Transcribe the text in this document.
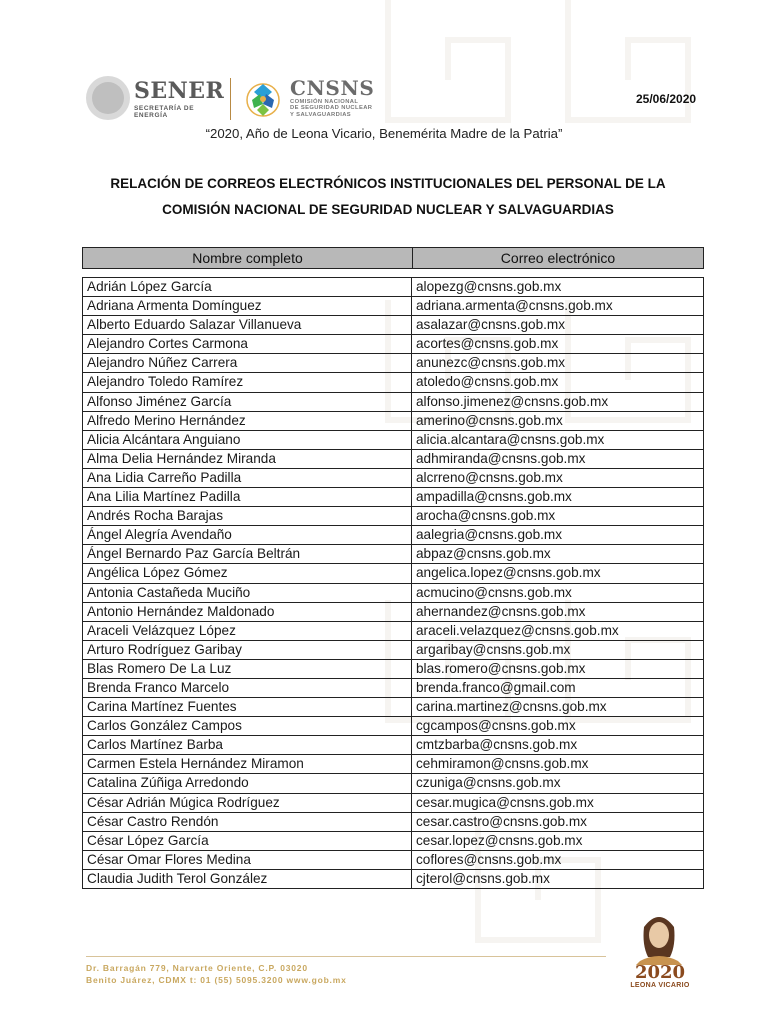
SENER
SECRETARÍA DE ENERGÍA
CNSNS
COMISIÓN NACIONAL
DE SEGURIDAD NUCLEAR
Y SALVAGUARDIAS
25/06/2020
“2020, Año de Leona Vicario, Benemérita Madre de la Patria”
RELACIÓN DE CORREOS ELECTRÓNICOS INSTITUCIONALES DEL PERSONAL DE LA
COMISIÓN NACIONAL DE SEGURIDAD NUCLEAR Y SALVAGUARDIAS
Nombre completo	Correo electrónico
Adrián López García	alopezg@cnsns.gob.mx
Adriana Armenta Domínguez	adriana.armenta@cnsns.gob.mx
Alberto Eduardo Salazar Villanueva	asalazar@cnsns.gob.mx
Alejandro Cortes Carmona	acortes@cnsns.gob.mx
Alejandro Núñez Carrera	anunezc@cnsns.gob.mx
Alejandro Toledo Ramírez	atoledo@cnsns.gob.mx
Alfonso Jiménez García	alfonso.jimenez@cnsns.gob.mx
Alfredo Merino Hernández	amerino@cnsns.gob.mx
Alicia Alcántara Anguiano	alicia.alcantara@cnsns.gob.mx
Alma Delia Hernández Miranda	adhmiranda@cnsns.gob.mx
Ana Lidia Carreño Padilla	alcrreno@cnsns.gob.mx
Ana Lilia Martínez Padilla	ampadilla@cnsns.gob.mx
Andrés Rocha Barajas	arocha@cnsns.gob.mx
Ángel Alegría Avendaño	aalegria@cnsns.gob.mx
Ángel Bernardo Paz García Beltrán	abpaz@cnsns.gob.mx
Angélica López Gómez	angelica.lopez@cnsns.gob.mx
Antonia Castañeda Muciño	acmucino@cnsns.gob.mx
Antonio Hernández Maldonado	ahernandez@cnsns.gob.mx
Araceli Velázquez López	araceli.velazquez@cnsns.gob.mx
Arturo Rodríguez Garibay	argaribay@cnsns.gob.mx
Blas Romero De La Luz	blas.romero@cnsns.gob.mx
Brenda Franco Marcelo	brenda.franco@gmail.com
Carina Martínez Fuentes	carina.martinez@cnsns.gob.mx
Carlos González Campos	cgcampos@cnsns.gob.mx
Carlos Martínez Barba	cmtzbarba@cnsns.gob.mx
Carmen Estela Hernández Miramon	cehmiramon@cnsns.gob.mx
Catalina Zúñiga Arredondo	czuniga@cnsns.gob.mx
César Adrián Múgica Rodríguez	cesar.mugica@cnsns.gob.mx
César Castro Rendón	cesar.castro@cnsns.gob.mx
César López García	cesar.lopez@cnsns.gob.mx
César Omar Flores Medina	coflores@cnsns.gob.mx
Claudia Judith Terol González	cjterol@cnsns.gob.mx
Dr. Barragán 779, Narvarte Oriente, C.P. 03020
Benito Juárez, CDMX t: 01 (55) 5095.3200 www.gob.mx	2020
LEONA VICARIO
